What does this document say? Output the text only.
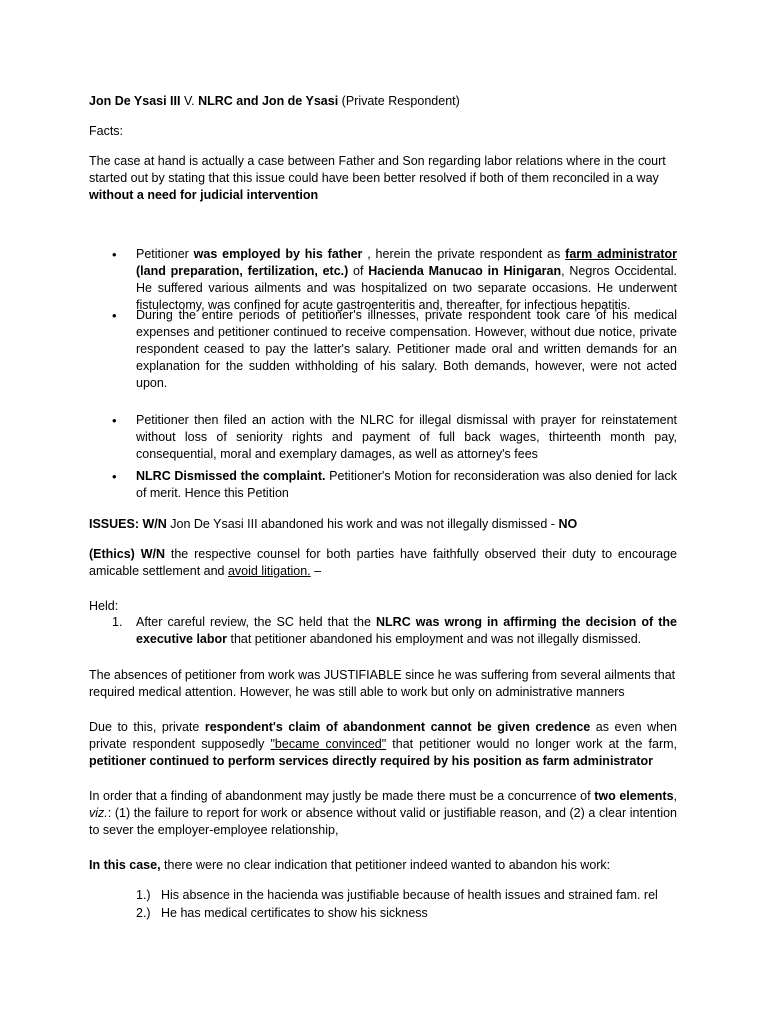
Jon De Ysasi III V. NLRC and Jon de Ysasi (Private Respondent)

Facts:

The case at hand is actually a case between Father and Son regarding labor relations where in the court started out by stating that this issue could have been better resolved if both of them reconciled in a way without a need for judicial intervention

• Petitioner was employed by his father , herein the private respondent as farm administrator (land preparation, fertilization, etc.) of Hacienda Manucao in Hinigaran, Negros Occidental. He suffered various ailments and was hospitalized on two separate occasions. He underwent fistulectomy, was confined for acute gastroenteritis and, thereafter, for infectious hepatitis.

• During the entire periods of petitioner's illnesses, private respondent took care of his medical expenses and petitioner continued to receive compensation. However, without due notice, private respondent ceased to pay the latter's salary. Petitioner made oral and written demands for an explanation for the sudden withholding of his salary. Both demands, however, were not acted upon.

• Petitioner then filed an action with the NLRC for illegal dismissal with prayer for reinstatement without loss of seniority rights and payment of full back wages, thirteenth month pay, consequential, moral and exemplary damages, as well as attorney's fees

• NLRC Dismissed the complaint. Petitioner's Motion for reconsideration was also denied for lack of merit. Hence this Petition

ISSUES: W/N Jon De Ysasi III abandoned his work and was not illegally dismissed - NO

(Ethics) W/N the respective counsel for both parties have faithfully observed their duty to encourage amicable settlement and avoid litigation. –

Held:

1. After careful review, the SC held that the NLRC was wrong in affirming the decision of the executive labor that petitioner abandoned his employment and was not illegally dismissed.

The absences of petitioner from work was JUSTIFIABLE since he was suffering from several ailments that required medical attention. However, he was still able to work but only on administrative manners

Due to this, private respondent's claim of abandonment cannot be given credence as even when private respondent supposedly "became convinced" that petitioner would no longer work at the farm, petitioner continued to perform services directly required by his position as farm administrator

In order that a finding of abandonment may justly be made there must be a concurrence of two elements, viz.: (1) the failure to report for work or absence without valid or justifiable reason, and (2) a clear intention to sever the employer-employee relationship,

In this case, there were no clear indication that petitioner indeed wanted to abandon his work:

1.) His absence in the hacienda was justifiable because of health issues and strained fam. rel

2.) He has medical certificates to show his sickness
